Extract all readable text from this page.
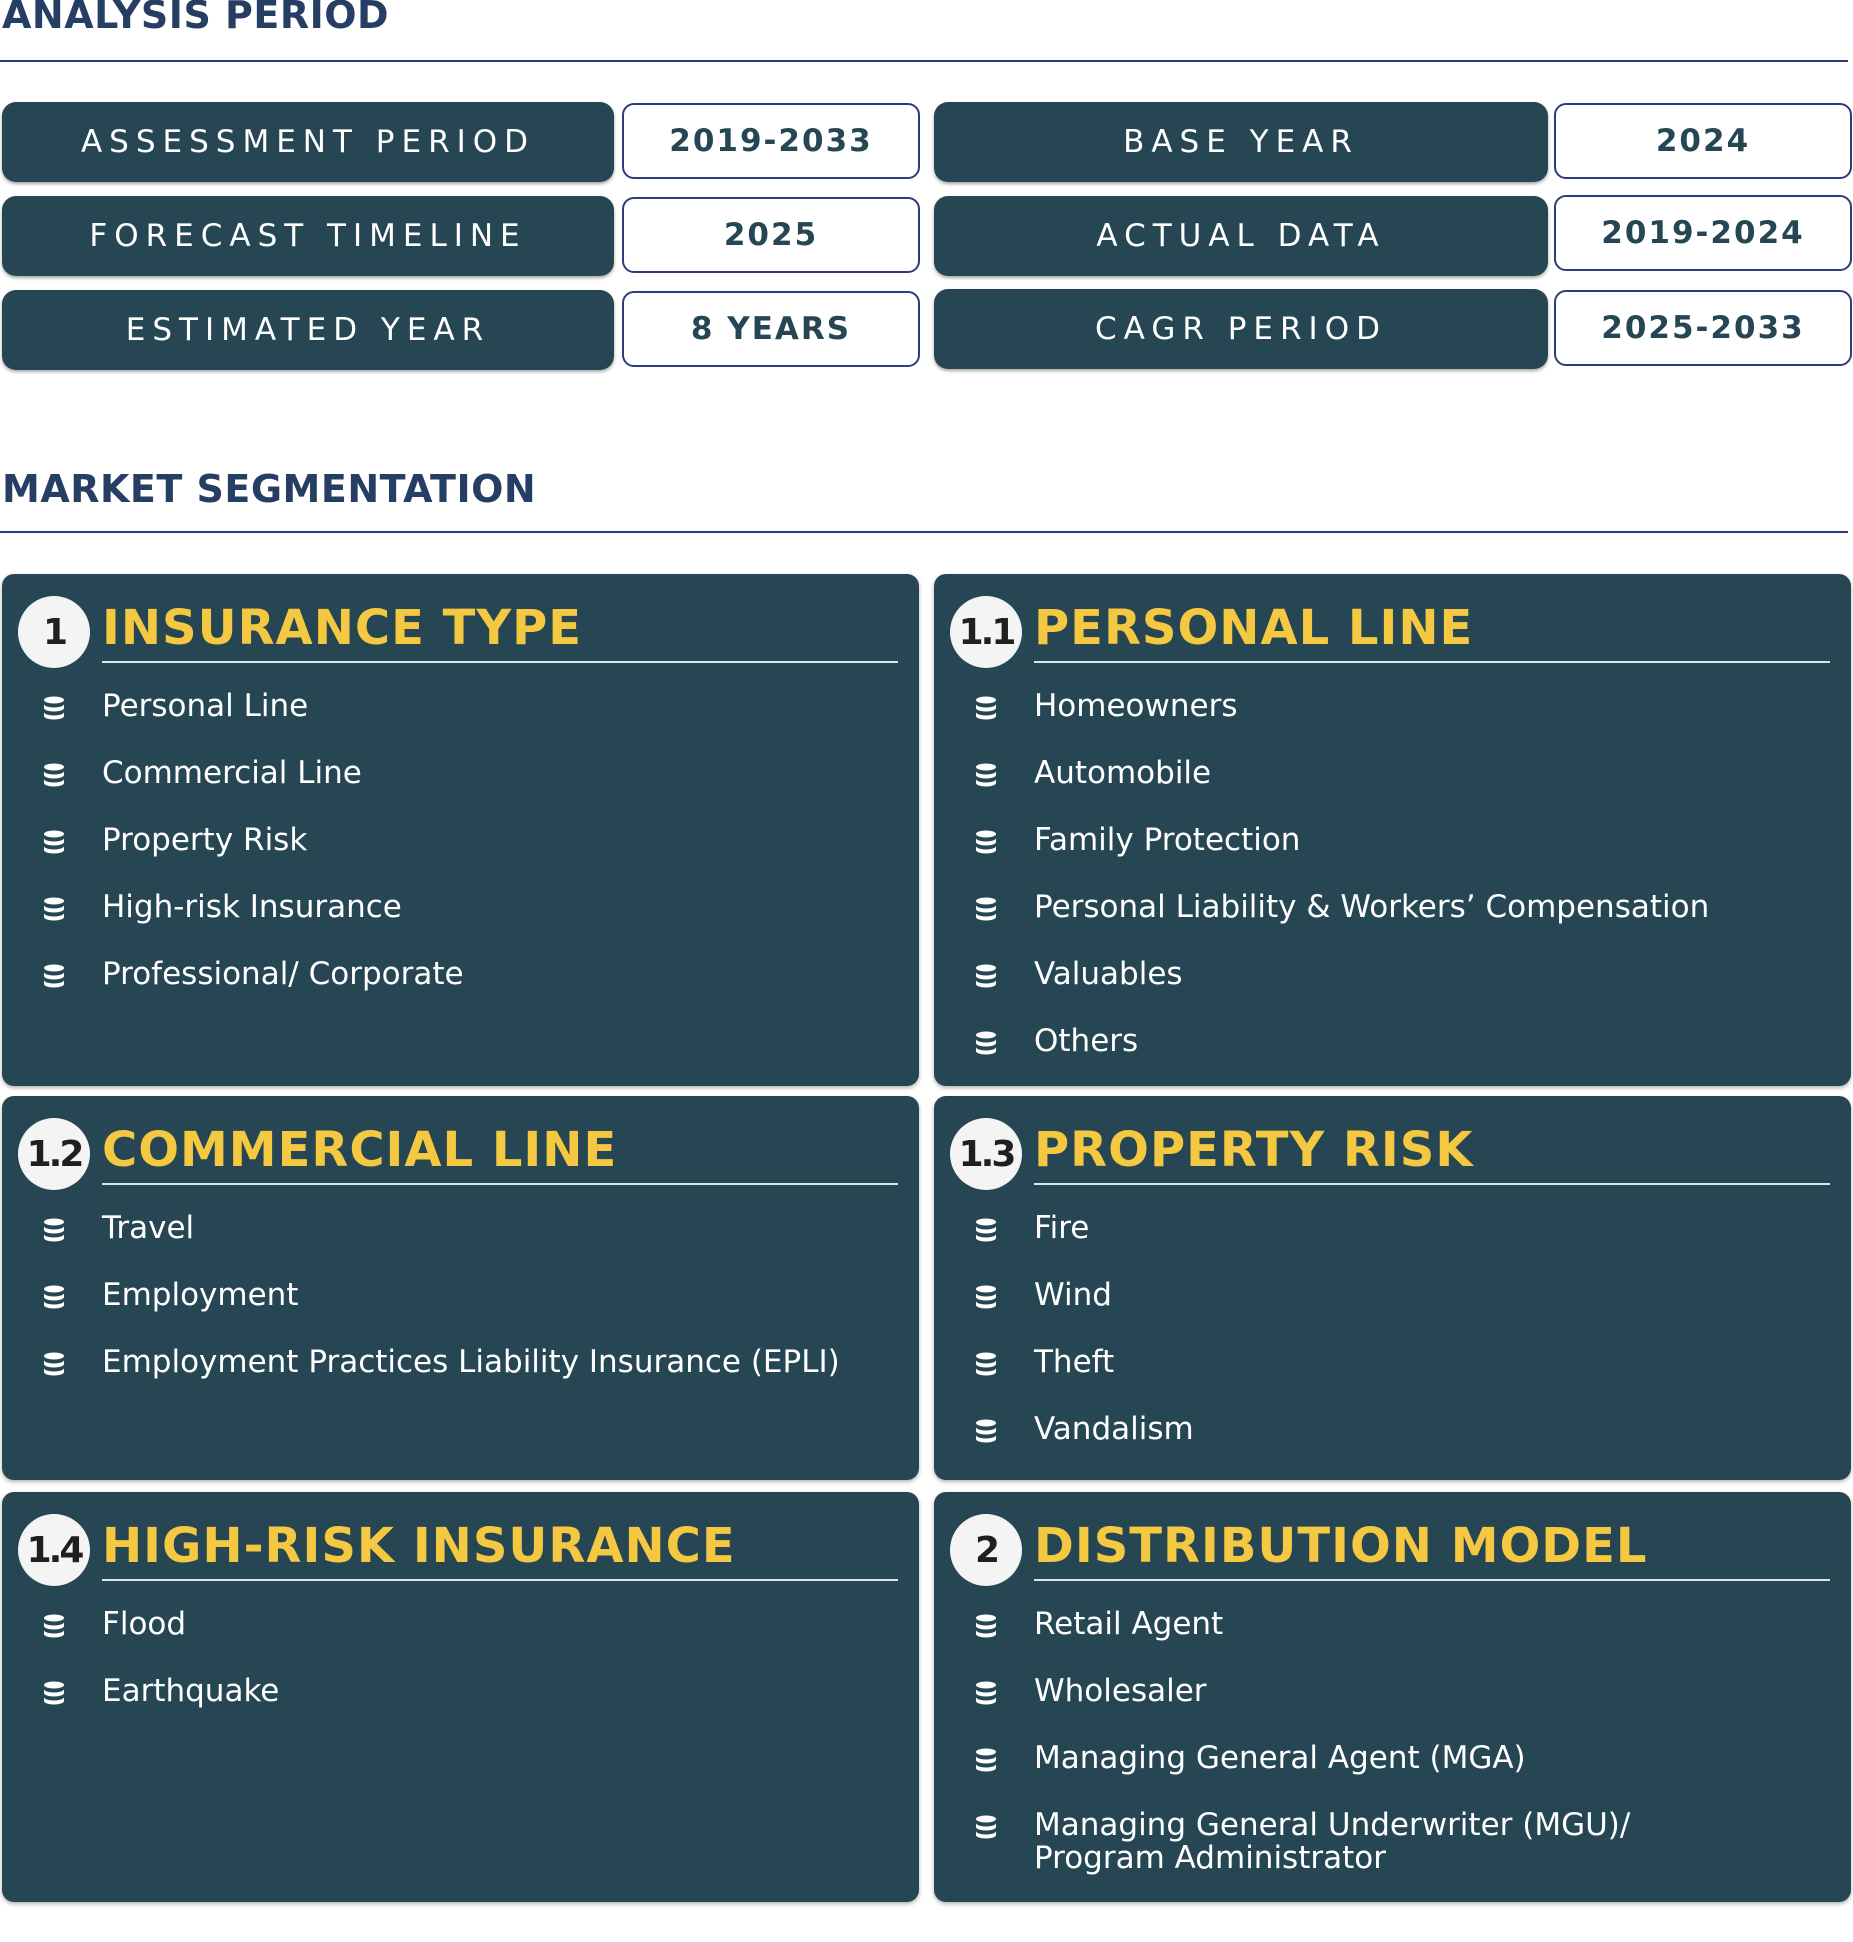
ANALYSIS PERIOD
ASSESSMENT PERIOD	2019-2033	BASE YEAR	2024
FORECAST TIMELINE	2025	ACTUAL DATA	2019-2024
ESTIMATED YEAR	8 YEARS	CAGR PERIOD	2025-2033
MARKET SEGMENTATION
1 INSURANCE TYPE
Personal Line
Commercial Line
Property Risk
High-risk Insurance
Professional/ Corporate
1.1 PERSONAL LINE
Homeowners
Automobile
Family Protection
Personal Liability & Workers’ Compensation
Valuables
Others
1.2 COMMERCIAL LINE
Travel
Employment
Employment Practices Liability Insurance (EPLI)
1.3 PROPERTY RISK
Fire
Wind
Theft
Vandalism
1.4 HIGH-RISK INSURANCE
Flood
Earthquake
2 DISTRIBUTION MODEL
Retail Agent
Wholesaler
Managing General Agent (MGA)
Managing General Underwriter (MGU)/ Program Administrator
